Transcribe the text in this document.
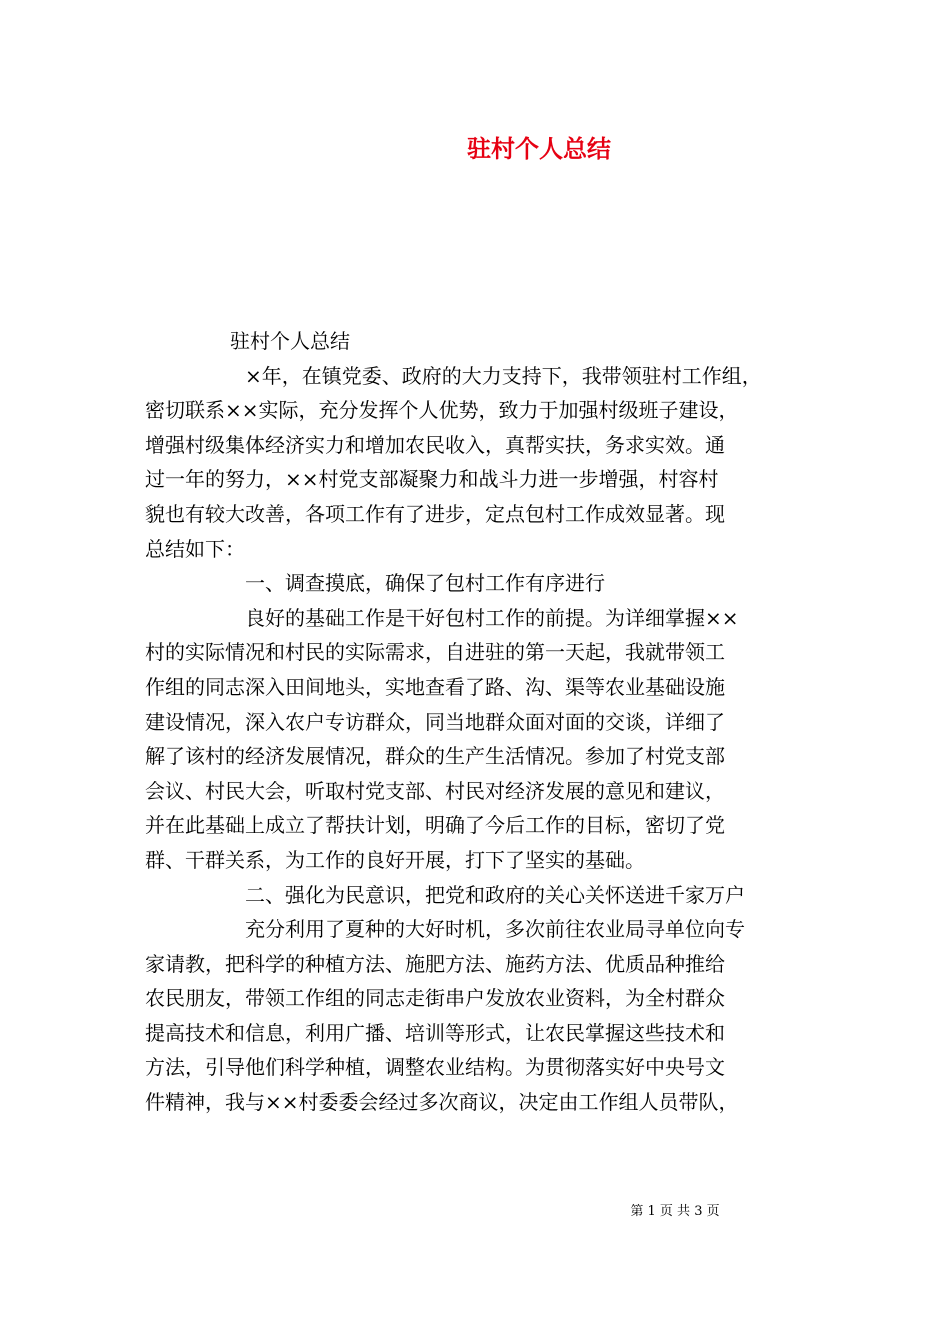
驻村个人总结
驻村个人总结
×年，在镇党委、政府的大力支持下，我带领驻村工作组，
密切联系××实际，充分发挥个人优势，致力于加强村级班子建设，
增强村级集体经济实力和增加农民收入，真帮实扶，务求实效。通
过一年的努力，××村党支部凝聚力和战斗力进一步增强，村容村
貌也有较大改善，各项工作有了进步，定点包村工作成效显著。现
总结如下：
一、调查摸底，确保了包村工作有序进行
良好的基础工作是干好包村工作的前提。为详细掌握××
村的实际情况和村民的实际需求，自进驻的第一天起，我就带领工
作组的同志深入田间地头，实地查看了路、沟、渠等农业基础设施
建设情况，深入农户专访群众，同当地群众面对面的交谈，详细了
解了该村的经济发展情况，群众的生产生活情况。参加了村党支部
会议、村民大会，听取村党支部、村民对经济发展的意见和建议，
并在此基础上成立了帮扶计划，明确了今后工作的目标，密切了党
群、干群关系，为工作的良好开展，打下了坚实的基础。
二、强化为民意识，把党和政府的关心关怀送进千家万户
充分利用了夏种的大好时机，多次前往农业局寻单位向专
家请教，把科学的种植方法、施肥方法、施药方法、优质品种推给
农民朋友，带领工作组的同志走街串户发放农业资料，为全村群众
提高技术和信息，利用广播、培训等形式，让农民掌握这些技术和
方法，引导他们科学种植，调整农业结构。为贯彻落实好中央号文
件精神，我与××村委委会经过多次商议，决定由工作组人员带队，
第 1 页 共 3 页
